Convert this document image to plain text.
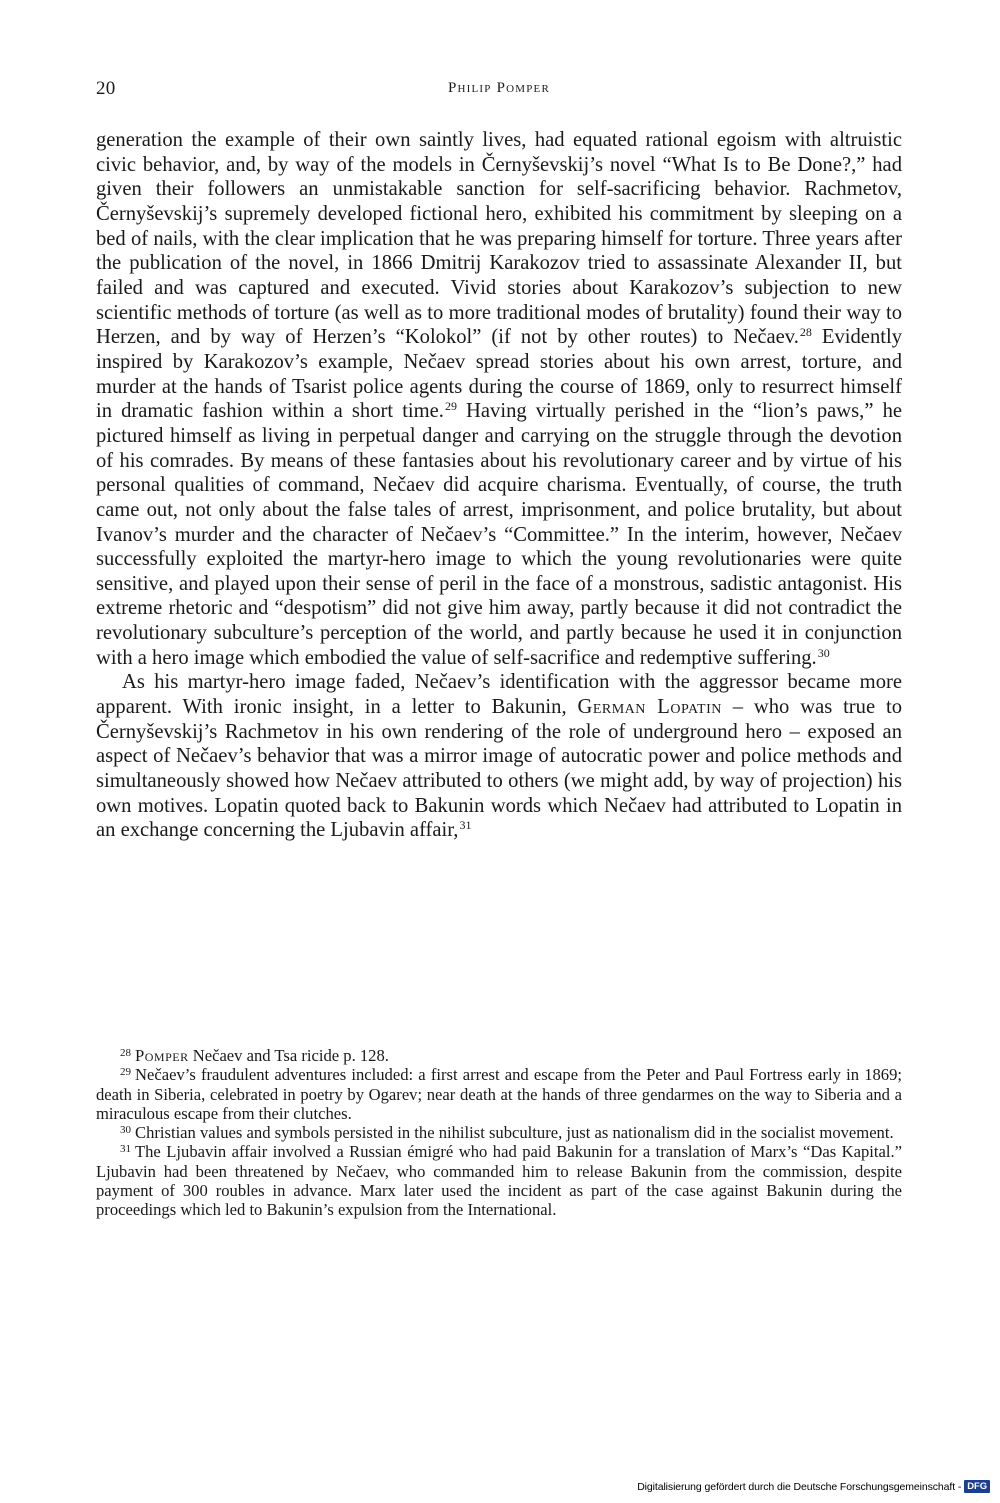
20	Philip Pomper

generation the example of their own saintly lives, had equated rational egoism with altruistic civic behavior, and, by way of the models in Černyševskij’s novel “What Is to Be Done?,” had given their followers an unmistakable sanction for self-sacrificing behavior. Rachmetov, Černyševskij’s supremely developed fictional hero, exhibited his commitment by sleeping on a bed of nails, with the clear implication that he was preparing himself for torture. Three years after the publication of the novel, in 1866 Dmitrij Karakozov tried to assassinate Alexander II, but failed and was captured and executed. Vivid stories about Karakozov’s subjection to new scientific methods of torture (as well as to more traditional modes of brutality) found their way to Herzen, and by way of Herzen’s “Kolokol” (if not by other routes) to Nečaev.$^{28}$ Evidently inspired by Karakozov’s example, Nečaev spread stories about his own arrest, torture, and murder at the hands of Tsarist police agents during the course of 1869, only to resurrect himself in dramatic fashion within a short time.$^{29}$ Having virtually perished in the “lion’s paws,” he pictured himself as living in perpetual danger and carrying on the struggle through the devotion of his comrades. By means of these fantasies about his revolutionary career and by virtue of his personal qualities of command, Nečaev did acquire charisma. Eventually, of course, the truth came out, not only about the false tales of arrest, imprisonment, and police brutality, but about Ivanov’s murder and the character of Nečaev’s “Committee.” In the interim, however, Nečaev successfully exploited the martyr-hero image to which the young revolutionaries were quite sensitive, and played upon their sense of peril in the face of a monstrous, sadistic antagonist. His extreme rhetoric and “despotism” did not give him away, partly because it did not contradict the revolutionary subculture’s perception of the world, and partly because he used it in conjunction with a hero image which embodied the value of self-sacrifice and redemptive suffering.$^{30}$

As his martyr-hero image faded, Nečaev’s identification with the aggressor became more apparent. With ironic insight, in a letter to Bakunin, German Lopatin – who was true to Černyševskij’s Rachmetov in his own rendering of the role of underground hero – exposed an aspect of Nečaev’s behavior that was a mirror image of autocratic power and police methods and simultaneously showed how Nečaev attributed to others (we might add, by way of projection) his own motives. Lopatin quoted back to Bakunin words which Nečaev had attributed to Lopatin in an exchange concerning the Ljubavin affair,$^{31}$

$^{28}$ Pomper Nečaev and Tsa ricide p. 128.

$^{29}$ Nečaev’s fraudulent adventures included: a first arrest and escape from the Peter and Paul Fortress early in 1869; death in Siberia, celebrated in poetry by Ogarev; near death at the hands of three gendarmes on the way to Siberia and a miraculous escape from their clutches.

$^{30}$ Christian values and symbols persisted in the nihilist subculture, just as nationalism did in the socialist movement.

$^{31}$ The Ljubavin affair involved a Russian émigré who had paid Bakunin for a translation of Marx’s “Das Kapital.” Ljubavin had been threatened by Nečaev, who commanded him to release Bakunin from the commission, despite payment of 300 roubles in advance. Marx later used the incident as part of the case against Bakunin during the proceedings which led to Bakunin’s expulsion from the International.

Digitalisierung gefördert durch die Deutsche Forschungsgemeinschaft - DFG
